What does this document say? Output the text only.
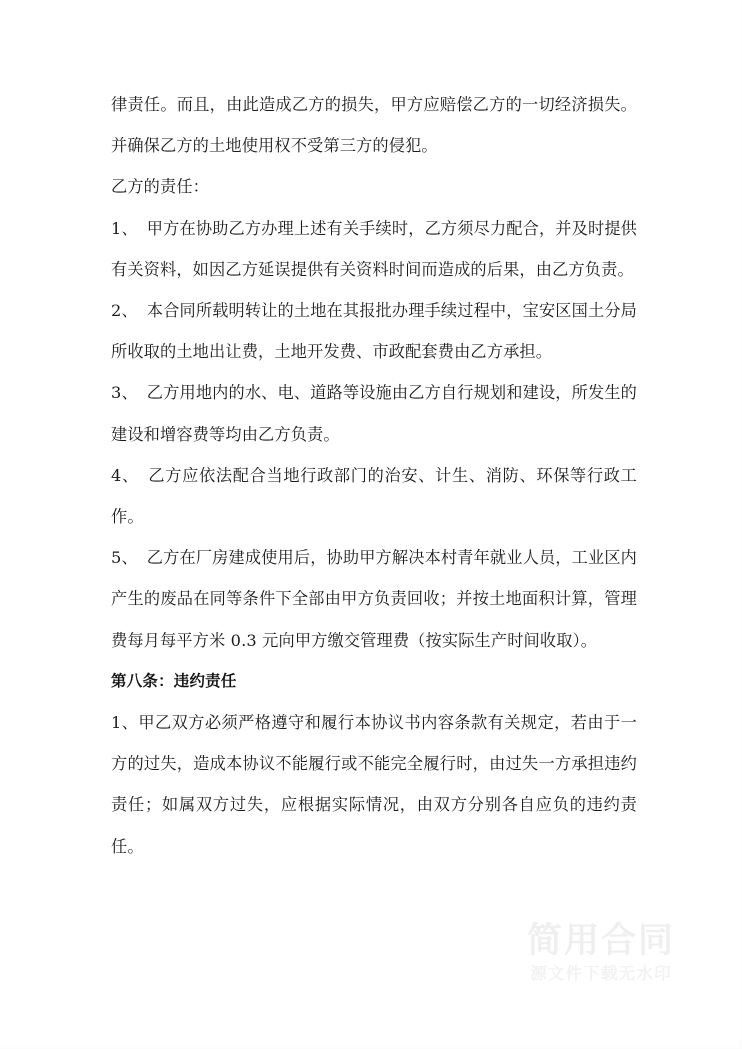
律责任。而且，由此造成乙方的损失，甲方应赔偿乙方的一切经济损失。并确保乙方的土地使用权不受第三方的侵犯。

乙方的责任：

1、 甲方在协助乙方办理上述有关手续时，乙方须尽力配合，并及时提供有关资料，如因乙方延误提供有关资料时间而造成的后果，由乙方负责。

2、 本合同所载明转让的土地在其报批办理手续过程中，宝安区国土分局所收取的土地出让费，土地开发费、市政配套费由乙方承担。

3、 乙方用地内的水、电、道路等设施由乙方自行规划和建设，所发生的建设和增容费等均由乙方负责。

4、 乙方应依法配合当地行政部门的治安、计生、消防、环保等行政工作。

5、 乙方在厂房建成使用后，协助甲方解决本村青年就业人员，工业区内产生的废品在同等条件下全部由甲方负责回收；并按土地面积计算，管理费每月每平方米 0.3 元向甲方缴交管理费（按实际生产时间收取）。

第八条：违约责任

1、甲乙双方必须严格遵守和履行本协议书内容条款有关规定，若由于一方的过失，造成本协议不能履行或不能完全履行时，由过失一方承担违约责任；如属双方过失，应根据实际情况，由双方分别各自应负的违约责任。

简用合同
源文件下载无水印
